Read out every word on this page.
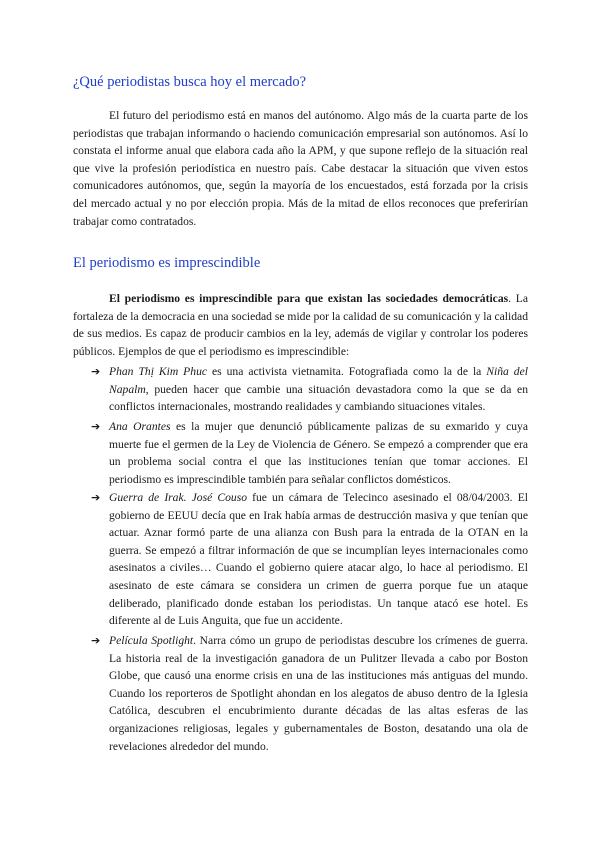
¿Qué periodistas busca hoy el mercado?

El futuro del periodismo está en manos del autónomo. Algo más de la cuarta parte de los periodistas que trabajan informando o haciendo comunicación empresarial son autónomos. Así lo constata el informe anual que elabora cada año la APM, y que supone reflejo de la situación real que vive la profesión periodística en nuestro país. Cabe destacar la situación que viven estos comunicadores autónomos, que, según la mayoría de los encuestados, está forzada por la crisis del mercado actual y no por elección propia. Más de la mitad de ellos reconoces que preferirían trabajar como contratados.

El periodismo es imprescindible

El periodismo es imprescindible para que existan las sociedades democráticas. La fortaleza de la democracia en una sociedad se mide por la calidad de su comunicación y la calidad de sus medios. Es capaz de producir cambios en la ley, además de vigilar y controlar los poderes públicos. Ejemplos de que el periodismo es imprescindible:

➔ Phan Thị Kim Phuc es una activista vietnamita. Fotografiada como la de la Niña del Napalm, pueden hacer que cambie una situación devastadora como la que se da en conflictos internacionales, mostrando realidades y cambiando situaciones vitales.
➔ Ana Orantes es la mujer que denunció públicamente palizas de su exmarido y cuya muerte fue el germen de la Ley de Violencia de Género. Se empezó a comprender que era un problema social contra el que las instituciones tenían que tomar acciones. El periodismo es imprescindible también para señalar conflictos domésticos.
➔ Guerra de Irak. José Couso fue un cámara de Telecinco asesinado el 08/04/2003. El gobierno de EEUU decía que en Irak había armas de destrucción masiva y que tenían que actuar. Aznar formó parte de una alianza con Bush para la entrada de la OTAN en la guerra. Se empezó a filtrar información de que se incumplían leyes internacionales como asesinatos a civiles… Cuando el gobierno quiere atacar algo, lo hace al periodismo. El asesinato de este cámara se considera un crimen de guerra porque fue un ataque deliberado, planificado donde estaban los periodistas. Un tanque atacó ese hotel. Es diferente al de Luis Anguita, que fue un accidente.
➔ Película Spotlight. Narra cómo un grupo de periodistas descubre los crímenes de guerra. La historia real de la investigación ganadora de un Pulitzer llevada a cabo por Boston Globe, que causó una enorme crisis en una de las instituciones más antiguas del mundo. Cuando los reporteros de Spotlight ahondan en los alegatos de abuso dentro de la Iglesia Católica, descubren el encubrimiento durante décadas de las altas esferas de las organizaciones religiosas, legales y gubernamentales de Boston, desatando una ola de revelaciones alrededor del mundo.
